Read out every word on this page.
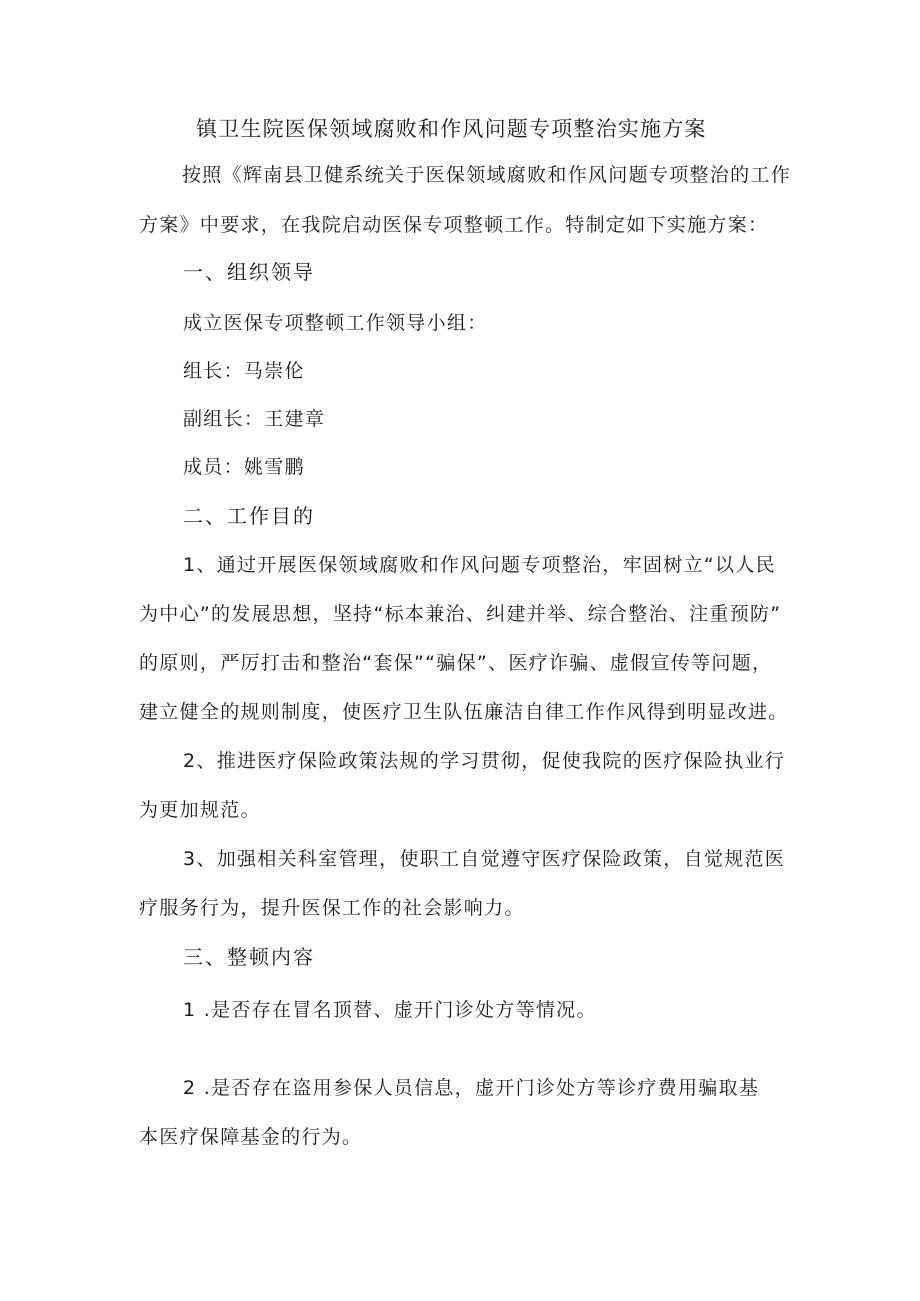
镇卫生院医保领域腐败和作风问题专项整治实施方案
按照《辉南县卫健系统关于医保领域腐败和作风问题专项整治的工作
方案》中要求，在我院启动医保专项整顿工作。特制定如下实施方案：
一、组织领导
成立医保专项整顿工作领导小组：
组长：马崇伦
副组长：王建章
成员：姚雪鹏
二、工作目的
1、通过开展医保领域腐败和作风问题专项整治，牢固树立“以人民
为中心”的发展思想，坚持“标本兼治、纠建并举、综合整治、注重预防”
的原则，严厉打击和整治“套保”“骗保”、医疗诈骗、虚假宣传等问题，
建立健全的规则制度，使医疗卫生队伍廉洁自律工作作风得到明显改进。
2、推进医疗保险政策法规的学习贯彻，促使我院的医疗保险执业行
为更加规范。
3、加强相关科室管理，使职工自觉遵守医疗保险政策，自觉规范医
疗服务行为，提升医保工作的社会影响力。
三、整顿内容
1 .是否存在冒名顶替、虚开门诊处方等情况。
2 .是否存在盗用参保人员信息，虚开门诊处方等诊疗费用骗取基
本医疗保障基金的行为。
